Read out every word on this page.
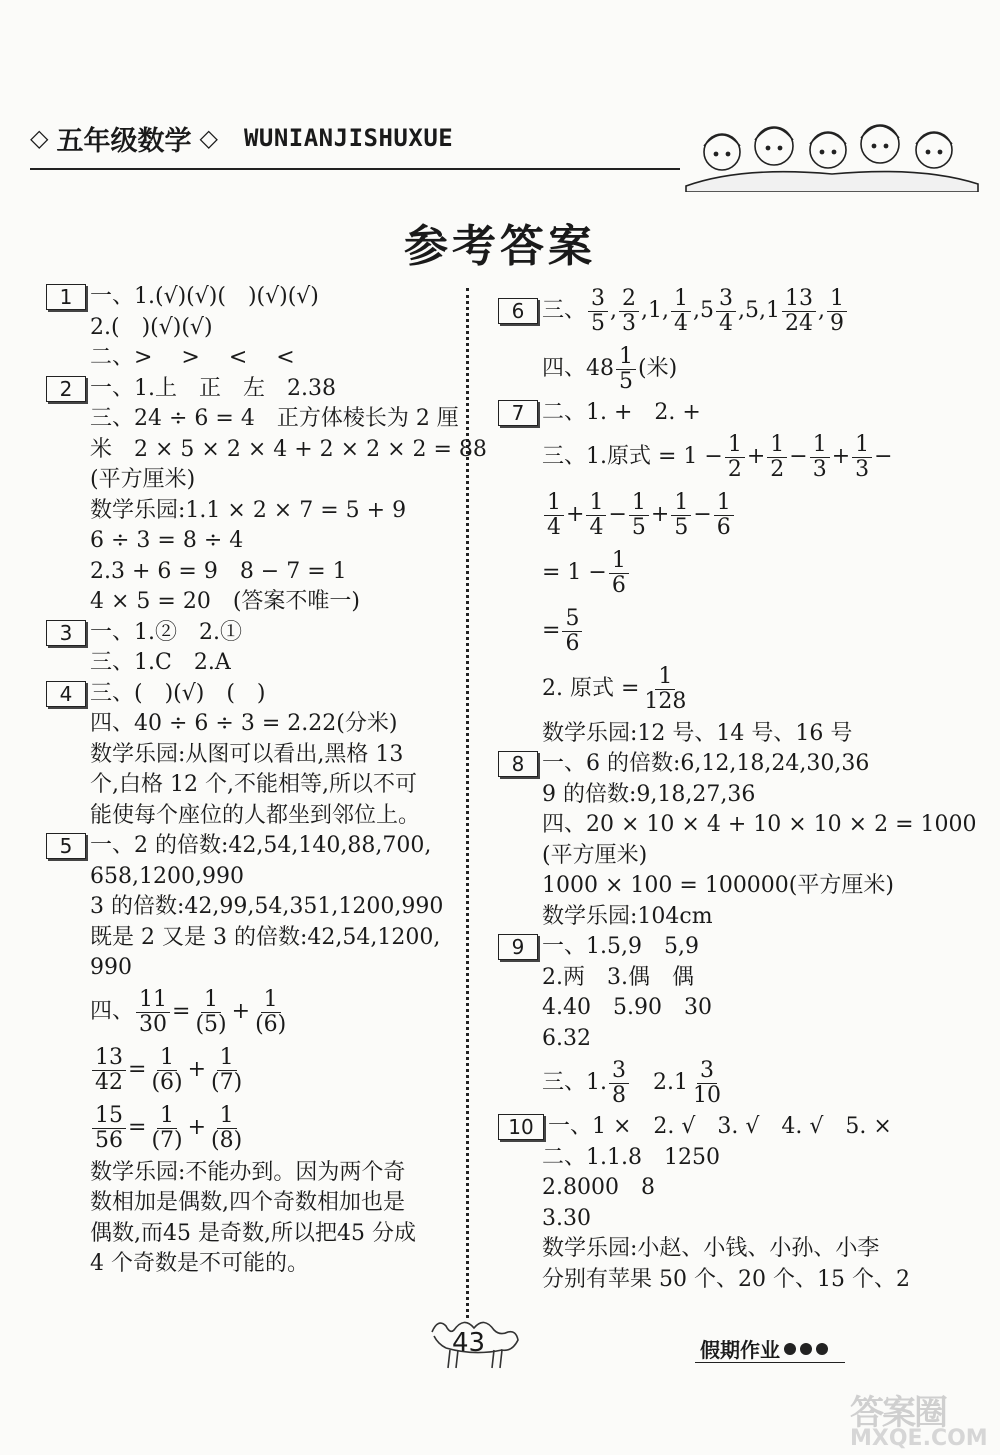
◇ 五年级数学 ◇ WUNIANJISHUXUE
参考答案
1 一、1.(√)(√)(　)(√)(√)
2.(　)(√)(√)
二、>　 >　 <　 <
2 一、1.上　正　左　2.38
三、24 ÷ 6 = 4　正方体棱长为 2 厘
米　2 × 5 × 2 × 4 + 2 × 2 × 2 = 88
(平方厘米)
数学乐园:1.1 × 2 × 7 = 5 + 9
6 ÷ 3 = 8 ÷ 4
2.3 + 6 = 9　8 − 7 = 1
4 × 5 = 20　(答案不唯一)
3 一、1.②　2.①
三、1.C　2.A
4 三、(　)(√)　(　)
四、40 ÷ 6 ÷ 3 = 2.22(分米)
数学乐园:从图可以看出,黑格 13
个,白格 12 个,不能相等,所以不可
能使每个座位的人都坐到邻位上。
5 一、2 的倍数:42,54,140,88,700,
658,1200,990
3 的倍数:42,99,54,351,1200,990
既是 2 又是 3 的倍数:42,54,1200,
990
四、 $\frac{11}{30} = \frac{1}{(5)} + \frac{1}{(6)}$
$\frac{13}{42} = \frac{1}{(6)} + \frac{1}{(7)}$
$\frac{15}{56} = \frac{1}{(7)} + \frac{1}{(8)}$
数学乐园:不能办到。因为两个奇
数相加是偶数,四个奇数相加也是
偶数,而45 是奇数,所以把45 分成
4 个奇数是不可能的。
6 三、 $\frac{3}{5}$ , $\frac{2}{3} ,1$, $\frac{1}{4} ,5 \frac{3}{4} ,5,1 \frac{13}{24}$ , $\frac{1}{9}$
四、$48 \frac{1}{5}$ (米)
7 二、1. +　2. +
三、1.原式 = $1 - \frac{1}{2} + \frac{1}{2} - \frac{1}{3} + \frac{1}{3}$ −
$\frac{1}{4} + \frac{1}{4} - \frac{1}{5} + \frac{1}{5} - \frac{1}{6}$
= $1 - \frac{1}{6}$
= $\frac{5}{6}$
2. 原式 = $\frac{1}{128}$
数学乐园:12 号、14 号、16 号
8 一、6 的倍数:6,12,18,24,30,36
9 的倍数:9,18,27,36
四、20 × 10 × 4 + 10 × 10 × 2 = 1000
(平方厘米)
1000 × 100 = 100000(平方厘米)
数学乐园:104cm
9 一、1.5,9　5,9
2.两　3.偶　偶
4.40　5.90　30
6.32
三、1. $\frac{3}{8}$ 　$2.1 \frac{3}{10}$
10 一、1 ×　2. √　3. √　4. √　5. ×
二、1.1.8　1250
2.8000　8
3.30
数学乐园:小赵、小钱、小孙、小李
分别有苹果 50 个、20 个、15 个、2
43	假期作业
答案圈
MXQE.COM
